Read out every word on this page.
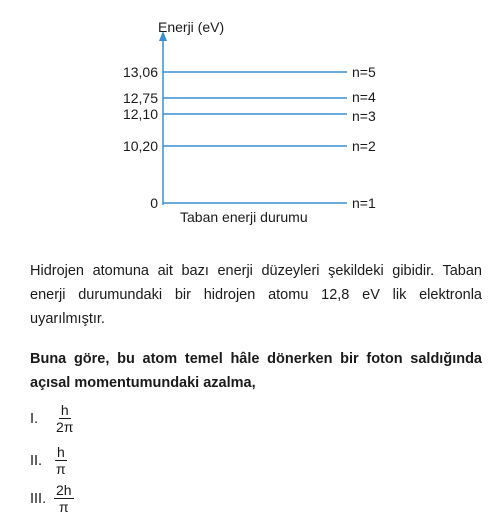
Enerji (eV)
0	n=1
10,20	n=2
12,10	n=3
12,75	n=4
13,06	n=5
Taban enerji durumu

Hidrojen atomuna ait bazı enerji düzeyleri şekildeki gibidir. Taban enerji durumundaki bir hidrojen atomu 12,8 eV lik elektronla uyarılmıştır.

Buna göre, bu atom temel hâle dönerken bir foton saldığında açısal momentumundaki azalma,

I.	$\frac{h}{2\pi}$
II. $\frac{h}{\pi}$
III. $\frac{2h}{\pi}$
